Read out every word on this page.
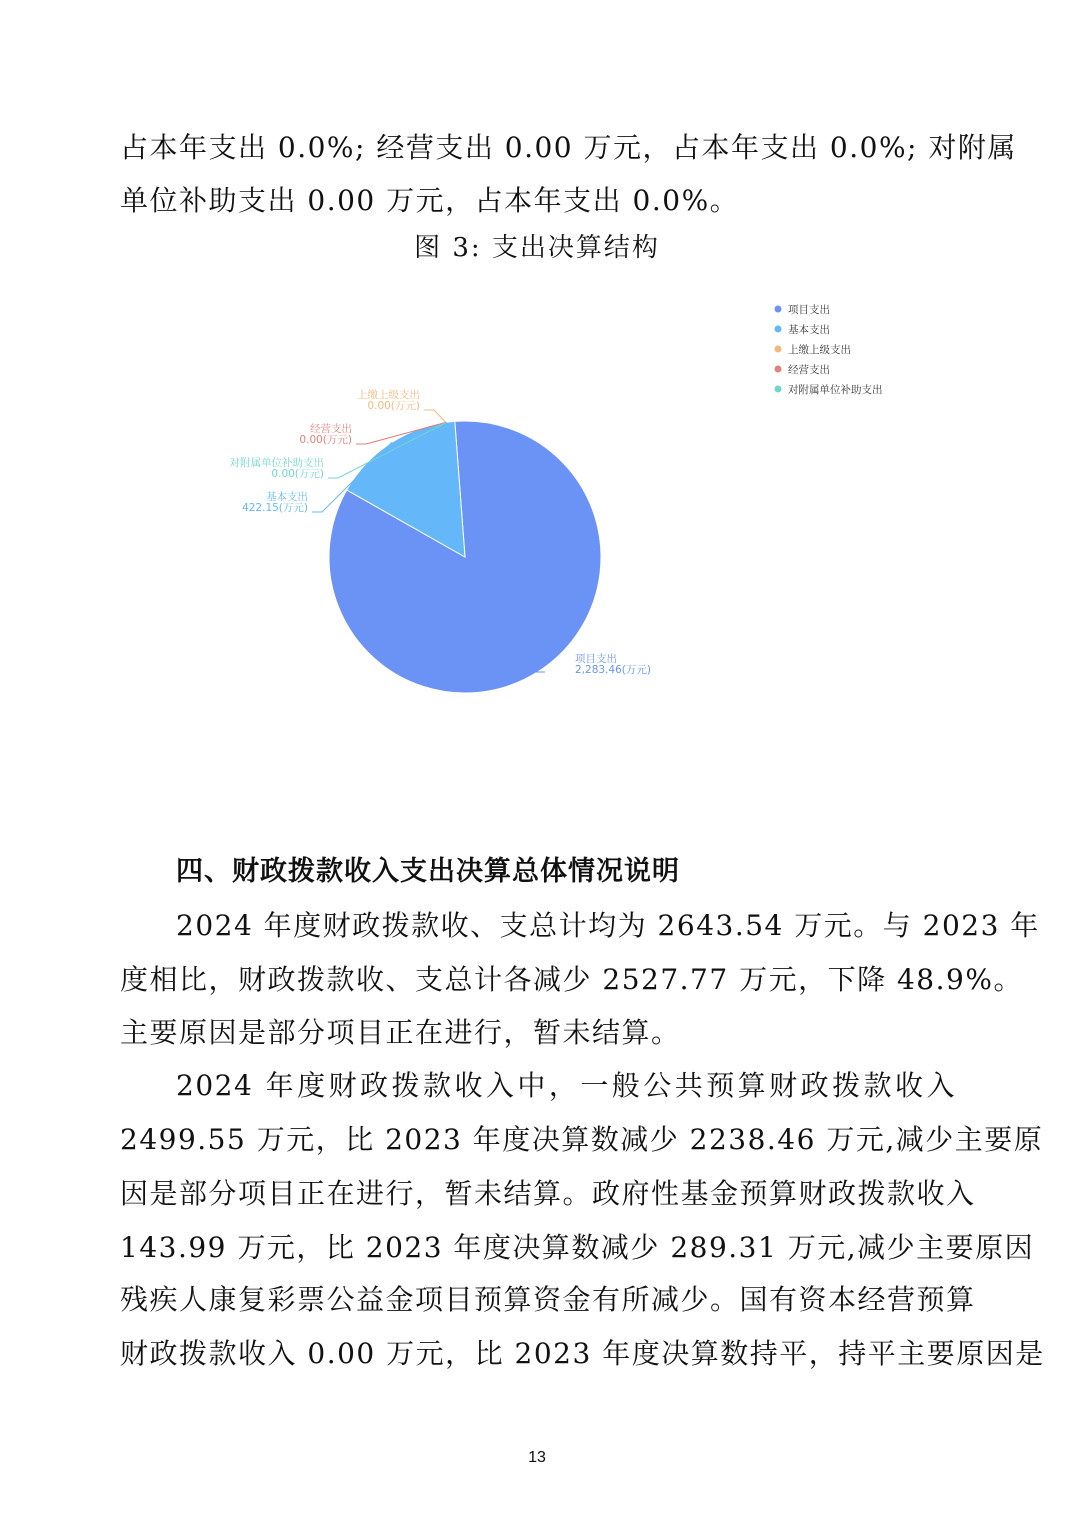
占本年支出 0.0%; 经营支出 0.00 万元，占本年支出 0.0%; 对附属
单位补助支出 0.00 万元，占本年支出 0.0%。
图 3: 支出决算结构
项目支出
2,283.46(万元)
基本支出
422.15(万元)
上缴上级支出
0.00(万元)
经营支出
0.00(万元)
对附属单位补助支出
0.00(万元)
项目支出
基本支出
上缴上级支出
经营支出
对附属单位补助支出
四、财政拨款收入支出决算总体情况说明
2024 年度财政拨款收、支总计均为 2643.54 万元。与 2023 年
度相比，财政拨款收、支总计各减少 2527.77 万元，下降 48.9%。
主要原因是部分项目正在进行，暂未结算。
2024 年度财政拨款收入中，一般公共预算财政拨款收入
2499.55 万元，比 2023 年度决算数减少 2238.46 万元,减少主要原
因是部分项目正在进行，暂未结算。政府性基金预算财政拨款收入
143.99 万元，比 2023 年度决算数减少 289.31 万元,减少主要原因
残疾人康复彩票公益金项目预算资金有所减少。国有资本经营预算
财政拨款收入 0.00 万元，比 2023 年度决算数持平，持平主要原因是
13
